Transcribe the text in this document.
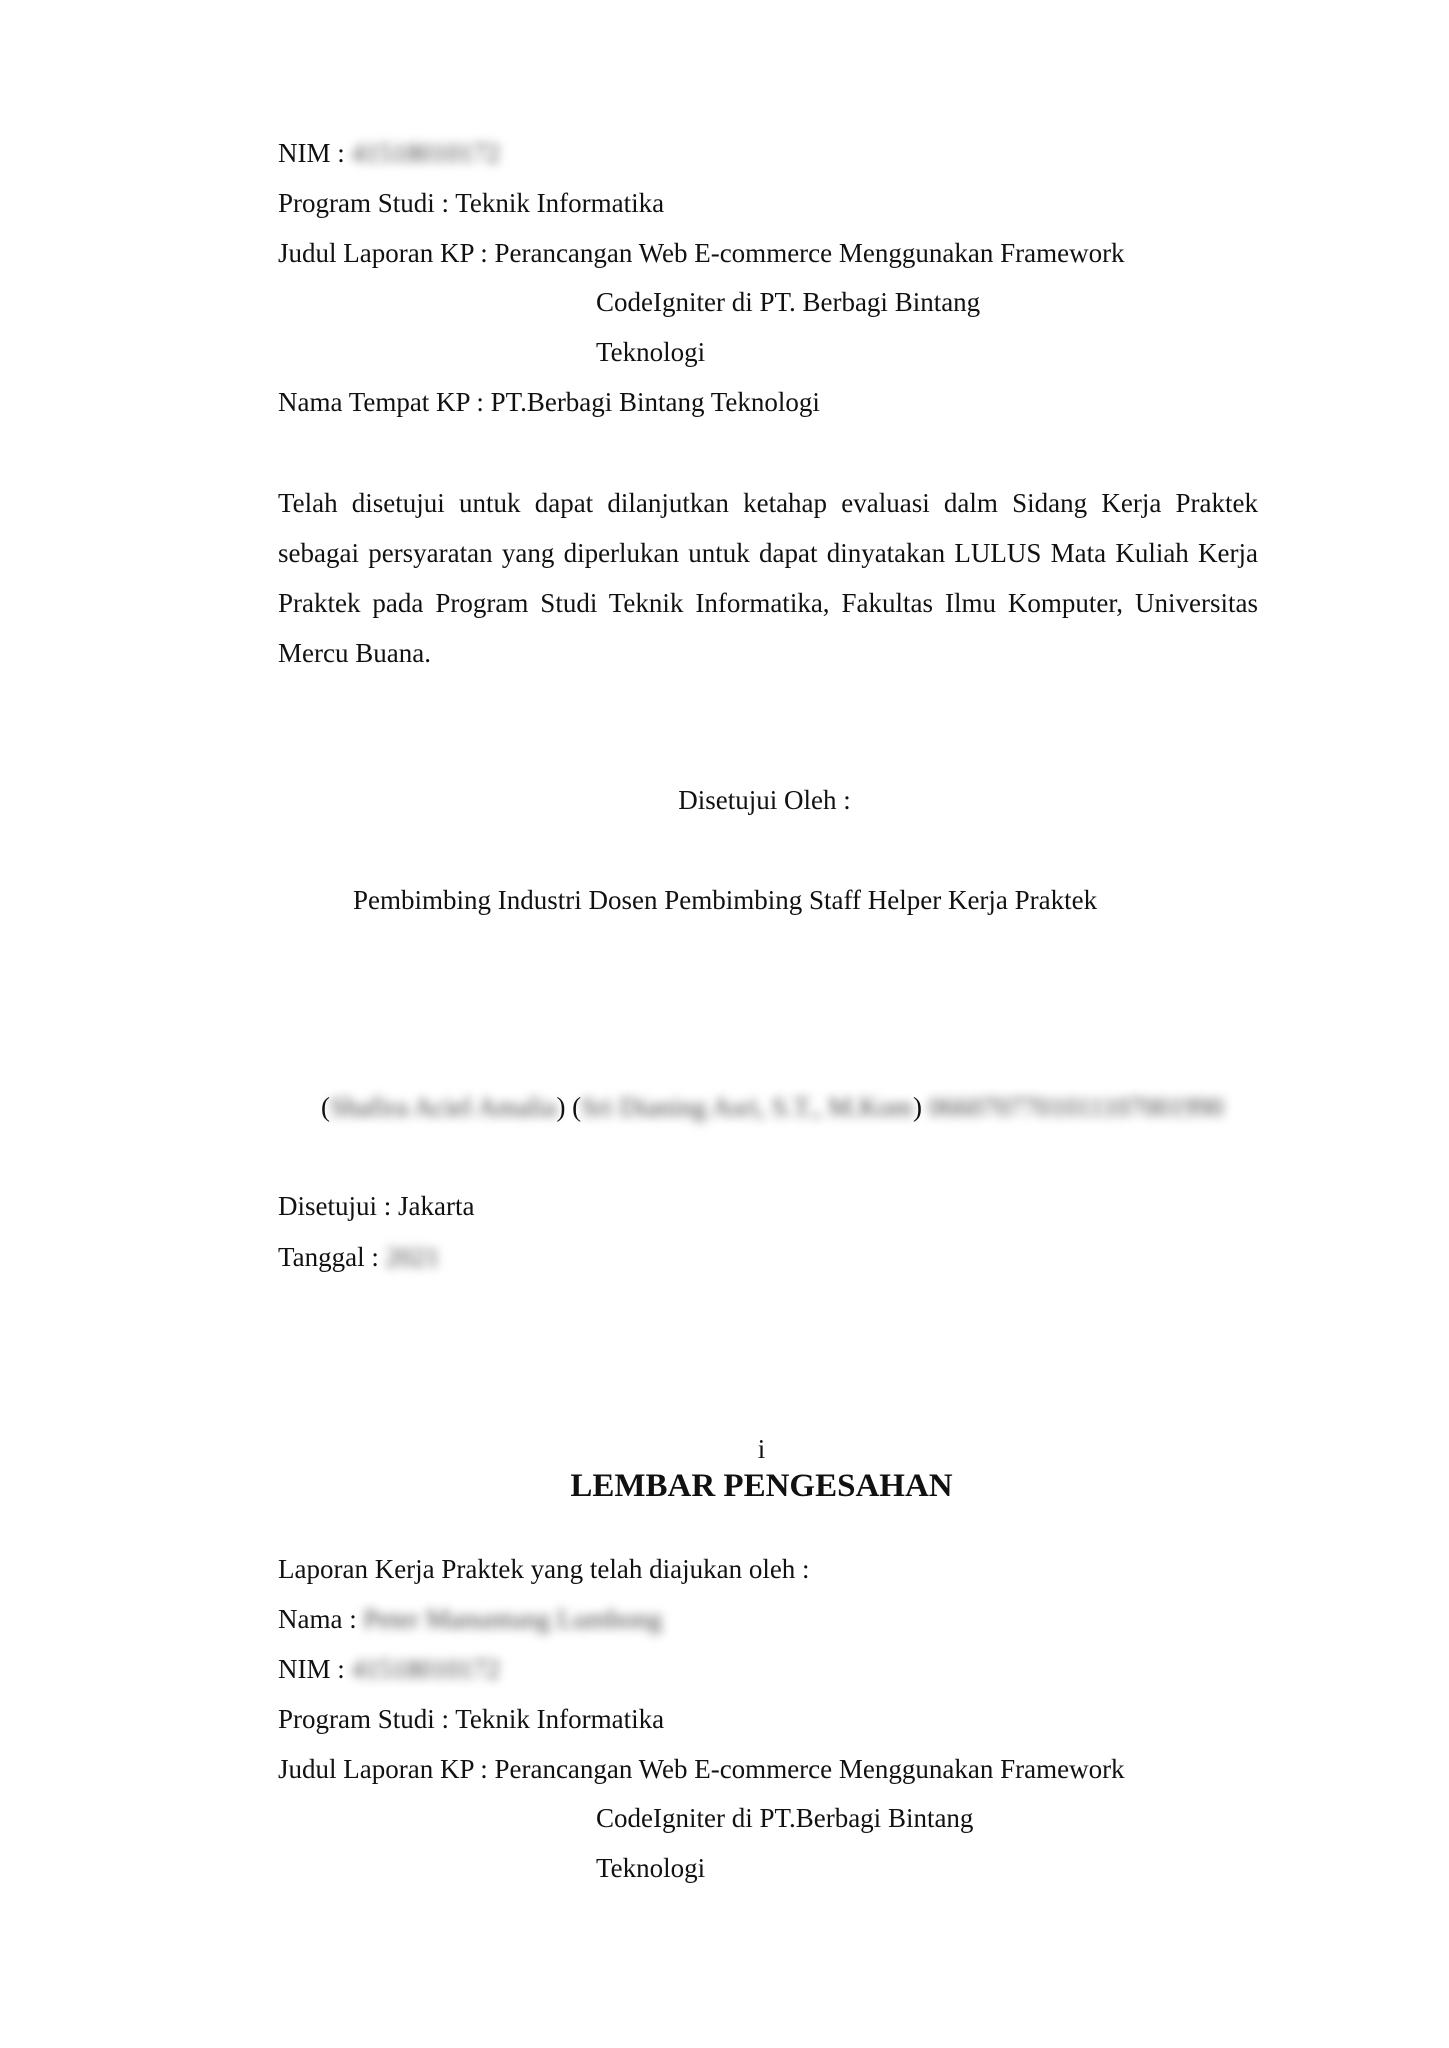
NIM : 41518010172
Program Studi : Teknik Informatika
Judul Laporan KP : Perancangan Web E-commerce Menggunakan Framework
CodeIgniter di PT. Berbagi Bintang
Teknologi
Nama Tempat KP : PT.Berbagi Bintang Teknologi
Telah disetujui untuk dapat dilanjutkan ketahap evaluasi dalm Sidang Kerja Praktek sebagai persyaratan yang diperlukan untuk dapat dinyatakan LULUS Mata Kuliah Kerja Praktek pada Program Studi Teknik Informatika, Fakultas Ilmu Komputer, Universitas Mercu Buana.
Disetujui Oleh :
Pembimbing Industri Dosen Pembimbing Staff Helper Kerja Praktek
(Shafira Aciel Amalia) (Sri Dianing Asri, S.T., M.Kom) 0660707701011107001990
Disetujui : Jakarta
Tanggal : 2021
i
LEMBAR PENGESAHAN
Laporan Kerja Praktek yang telah diajukan oleh :
Nama : Peter Manuntung Lumbong
NIM : 41518010172
Program Studi : Teknik Informatika
Judul Laporan KP : Perancangan Web E-commerce Menggunakan Framework
CodeIgniter di PT.Berbagi Bintang
Teknologi
